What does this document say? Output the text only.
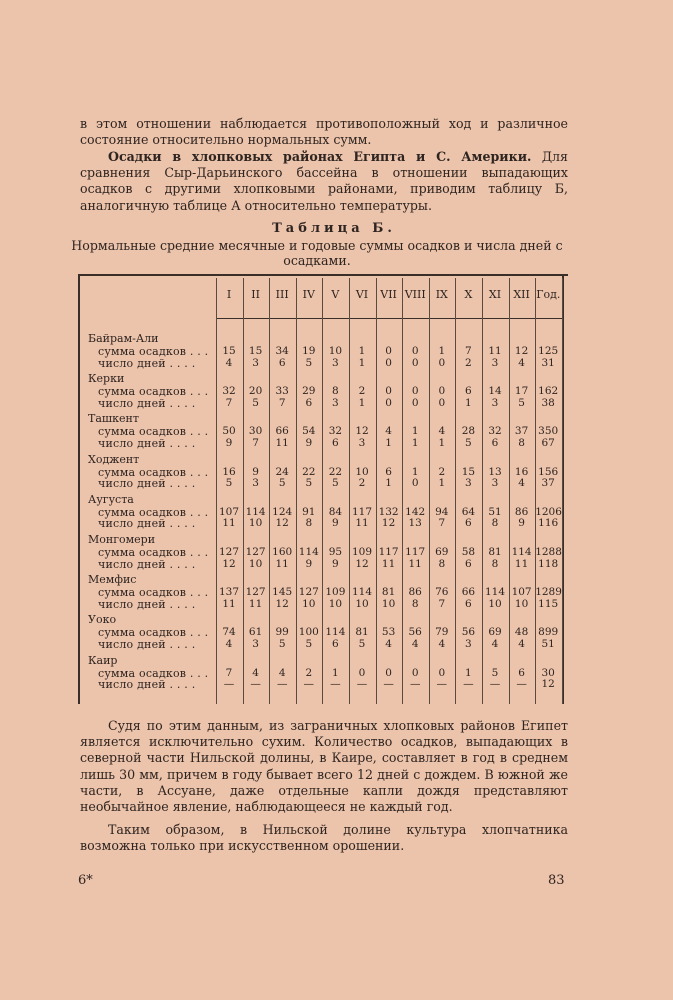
в этом отношении наблюдается противоположный ход и различное состояние относительно нормальных сумм.
Осадки в хлопковых районах Египта и С. Америки. Для сравнения Сыр-Дарьинского бассейна в отношении выпадающих осадков с другими хлопковыми районами, приводим таблицу Б, аналогичную таблице А относительно температуры.
Таблица Б.
Нормальные средние месячные и годовые суммы осадков и числа дней с осадками.
I	II	III	IV	V	VI	VII VIII IX	X	XI	XII Год.
Байрам-Али
сумма осадков . . .	15	15	34	19	10	1	0	0	1	7	11	12 125
число дней . . . .	4	3	6	5	3	1	0	0	0	2	3	4	31
Керки
сумма осадков . . .	32	20	33	29	8	2	0	0	0	6	14	17 162
число дней . . . .	7	5	7	6	3	1	0	0	0	1	3	5	38
Ташкент
сумма осадков . . .	50	30	66	54	32	12	4	1	4	28	32	37 350
число дней . . . .	9	7	11	9	6	3	1	1	1	5	6	8	67
Ходжент
сумма осадков . . .	16	9	24	22	22	10	6	1	2	15	13	16 156
число дней . . . .	5	3	5	5	5	2	1	0	1	3	3	4	37
Аугуста
сумма осадков . . . 107 114 124 91	84 117 132 142 94	64	51	86 1206
число дней . . . .	11	10	12	8	9	11	12	13	7	6	8	9	116
Монгомери
сумма осадков . . . 127 127 160 114 95 109 117 117 69	58	81 114 1288
число дней . . . .	12	10	11	9	9	12	11	11	8	6	8	11 118
Мемфис
сумма осадков . . . 137 127 145 127 109 114 81	86	76	66 114 107 1289
число дней . . . .	11	11	12	10	10	10	10	8	7	6	10	10 115
Уоко
сумма осадков . . .	74	61	99 100 114 81	53	56	79	56	69	48 899
число дней . . . .	4	3	5	5	6	5	4	4	4	3	4	4	51
Каир
сумма осадков . . .	7	4	4	2	1	0	0	0	0	1	5	6	30
число дней . . . .	—	—	—	—	—	—	—	—	—	—	—	—	12
Судя по этим данным, из заграничных хлопковых районов Египет является исключительно сухим. Количество осадков, выпадающих в северной части Нильской долины, в Каире, составляет в год в среднем лишь 30 мм, причем в году бывает всего 12 дней с дождем. В южной же части, в Ассуане, даже отдельные капли дождя представляют необычайное явление, наблюдающееся не каждый год.
Таким образом, в Нильской долине культура хлопчатника возможна только при искусственном орошении.
6*	83
